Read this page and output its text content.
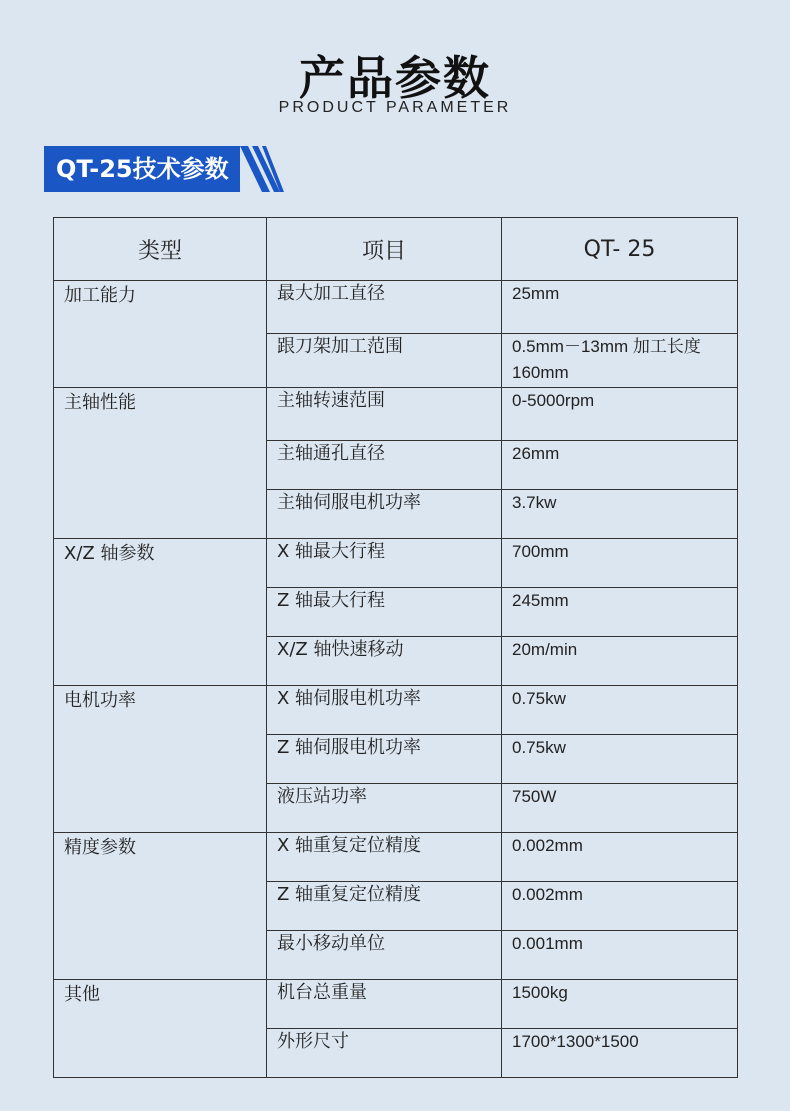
产品参数
PRODUCT PARAMETER
QT-25技术参数
类型	项目	QT- 25
加工能力	最大加工直径	25mm
	跟刀架加工范围	0.5mm－13mm 加工长度 160mm
主轴性能	主轴转速范围	0-5000rpm
	主轴通孔直径	26mm
	主轴伺服电机功率	3.7kw
X/Z 轴参数	X 轴最大行程	700mm
	Z 轴最大行程	245mm
	X/Z 轴快速移动	20m/min
电机功率	X 轴伺服电机功率	0.75kw
	Z 轴伺服电机功率	0.75kw
	液压站功率	750W
精度参数	X 轴重复定位精度	0.002mm
	Z 轴重复定位精度	0.002mm
	最小移动单位	0.001mm
其他	机台总重量	1500kg
	外形尺寸	1700*1300*1500
